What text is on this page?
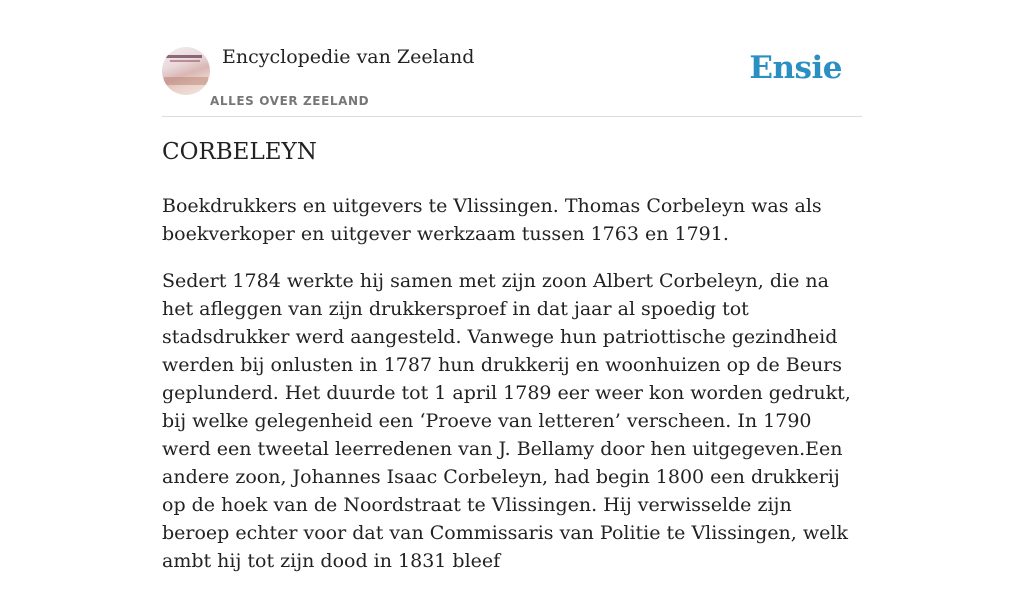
Encyclopedie van Zeeland
ALLES OVER ZEELAND
Ensie
CORBELEYN

Boekdrukkers en uitgevers te Vlissingen. Thomas Corbeleyn was als boekverkoper en uitgever werkzaam tussen 1763 en 1791.

Sedert 1784 werkte hij samen met zijn zoon Albert Corbeleyn, die na het afleggen van zijn drukkersproef in dat jaar al spoedig tot stadsdrukker werd aangesteld. Vanwege hun patriottische gezindheid werden bij onlusten in 1787 hun drukkerij en woonhuizen op de Beurs geplunderd. Het duurde tot 1 april 1789 eer weer kon worden gedrukt, bij welke gelegenheid een ‘Proeve van letteren’ verscheen. In 1790 werd een tweetal leerredenen van J. Bellamy door hen uitgegeven.Een andere zoon, Johannes Isaac Corbeleyn, had begin 1800 een drukkerij op de hoek van de Noordstraat te Vlissingen. Hij verwisselde zijn beroep echter voor dat van Commissaris van Politie te Vlissingen, welk ambt hij tot zijn dood in 1831 bleef
